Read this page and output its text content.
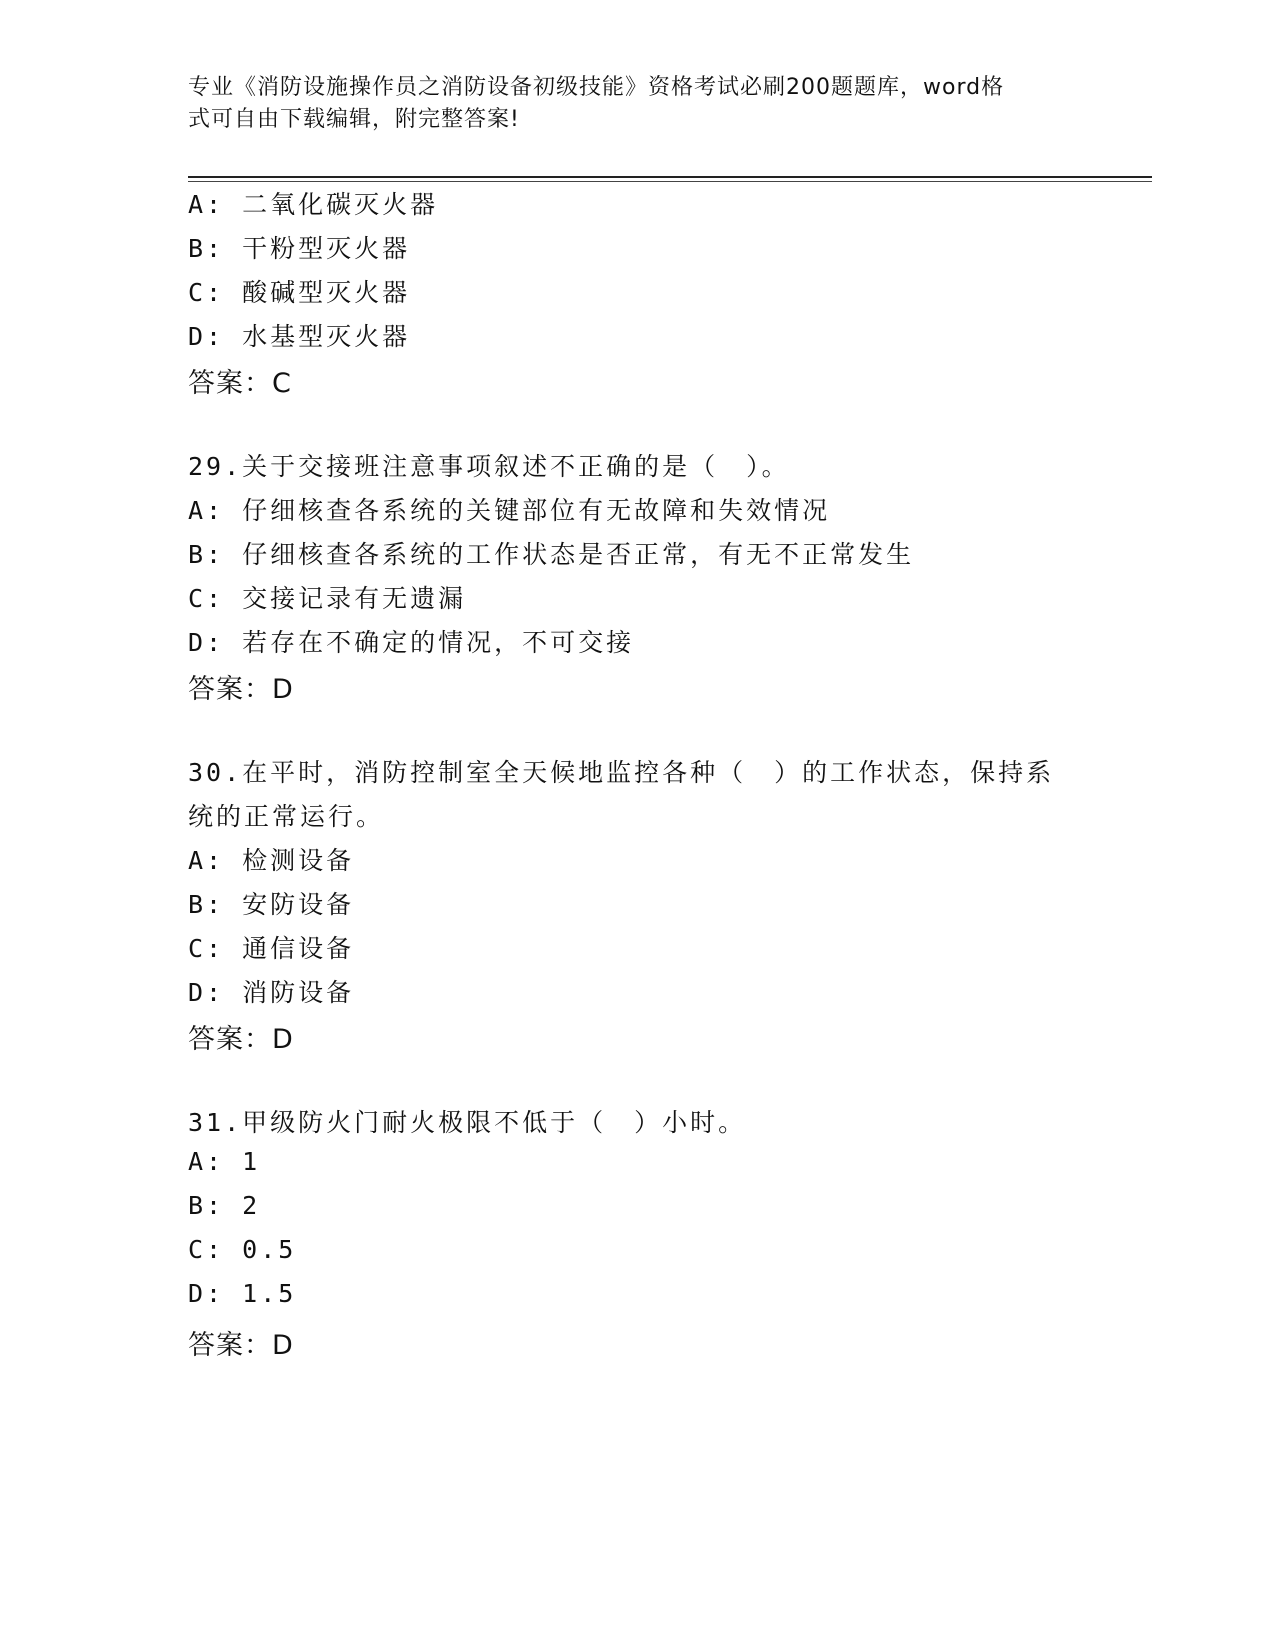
专业《消防设施操作员之消防设备初级技能》资格考试必刷200题题库，word格
式可自由下载编辑，附完整答案!
A: 二氧化碳灭火器
B: 干粉型灭火器
C: 酸碱型灭火器
D: 水基型灭火器
答案：C
29.关于交接班注意事项叙述不正确的是（　）。
A: 仔细核查各系统的关键部位有无故障和失效情况
B: 仔细核查各系统的工作状态是否正常，有无不正常发生
C: 交接记录有无遗漏
D: 若存在不确定的情况，不可交接
答案：D
30.在平时，消防控制室全天候地监控各种（　）的工作状态，保持系
统的正常运行。
A: 检测设备
B: 安防设备
C: 通信设备
D: 消防设备
答案：D
31.甲级防火门耐火极限不低于（　）小时。
A: 1
B: 2
C: 0.5
D: 1.5
答案：D
